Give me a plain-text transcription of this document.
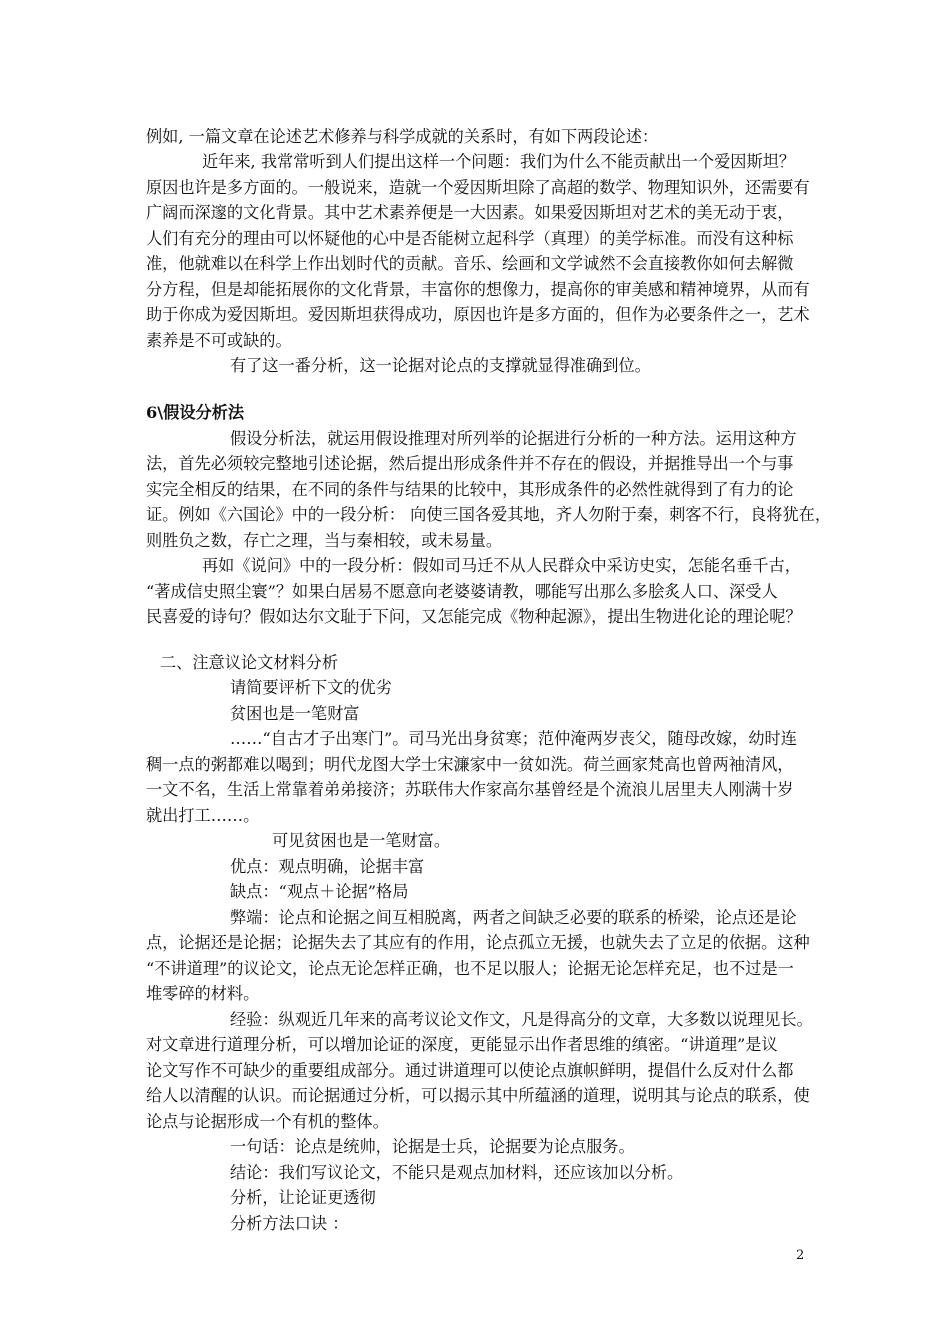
例如, 一篇文章在论述艺术修养与科学成就的关系时，有如下两段论述：
近年来, 我常常听到人们提出这样一个问题：我们为什么不能贡献出一个爱因斯坦？
原因也许是多方面的。一般说来，造就一个爱因斯坦除了高超的数学、物理知识外，还需要有
广阔而深邃的文化背景。其中艺术素养便是一大因素。如果爱因斯坦对艺术的美无动于衷，
人们有充分的理由可以怀疑他的心中是否能树立起科学（真理）的美学标准。而没有这种标
准，他就难以在科学上作出划时代的贡献。音乐、绘画和文学诚然不会直接教你如何去解微
分方程，但是却能拓展你的文化背景，丰富你的想像力，提高你的审美感和精神境界，从而有
助于你成为爱因斯坦。爱因斯坦获得成功，原因也许是多方面的，但作为必要条件之一，艺术
素养是不可或缺的。
有了这一番分析，这一论据对论点的支撑就显得准确到位。
6\假设分析法
假设分析法，就运用假设推理对所列举的论据进行分析的一种方法。运用这种方
法，首先必须较完整地引述论据，然后提出形成条件并不存在的假设，并据推导出一个与事
实完全相反的结果，在不同的条件与结果的比较中，其形成条件的必然性就得到了有力的论
证。例如《六国论》中的一段分析： 向使三国各爱其地，齐人勿附于秦，刺客不行，良将犹在，
则胜负之数，存亡之理，当与秦相较，或未易量。
再如《说问》中的一段分析：假如司马迁不从人民群众中采访史实，怎能名垂千古，
“著成信史照尘寰”？如果白居易不愿意向老婆婆请教，哪能写出那么多脍炙人口、深受人
民喜爱的诗句？假如达尔文耻于下问，又怎能完成《物种起源》，提出生物进化论的理论呢？
二、注意议论文材料分析
请简要评析下文的优劣
贫困也是一笔财富
……“自古才子出寒门”。司马光出身贫寒；范仲淹两岁丧父，随母改嫁，幼时连
稠一点的粥都难以喝到；明代龙图大学士宋濂家中一贫如洗。荷兰画家梵高也曾两袖清风，
一文不名，生活上常靠着弟弟接济；苏联伟大作家高尔基曾经是个流浪儿居里夫人刚满十岁
就出打工……。
可见贫困也是一笔财富。
优点：观点明确，论据丰富
缺点：“观点＋论据”格局
弊端：论点和论据之间互相脱离，两者之间缺乏必要的联系的桥梁，论点还是论
点，论据还是论据；论据失去了其应有的作用，论点孤立无援，也就失去了立足的依据。这种
“不讲道理”的议论文，论点无论怎样正确，也不足以服人；论据无论怎样充足，也不过是一
堆零碎的材料。
经验：纵观近几年来的高考议论文作文，凡是得高分的文章，大多数以说理见长。
对文章进行道理分析，可以增加论证的深度，更能显示出作者思维的缜密。“讲道理”是议
论文写作不可缺少的重要组成部分。通过讲道理可以使论点旗帜鲜明，提倡什么反对什么都
给人以清醒的认识。而论据通过分析，可以揭示其中所蕴涵的道理，说明其与论点的联系，使
论点与论据形成一个有机的整体。
一句话：论点是统帅，论据是士兵，论据要为论点服务。
结论：我们写议论文，不能只是观点加材料，还应该加以分析。
分析，让论证更透彻
分析方法口诀 ：
2
